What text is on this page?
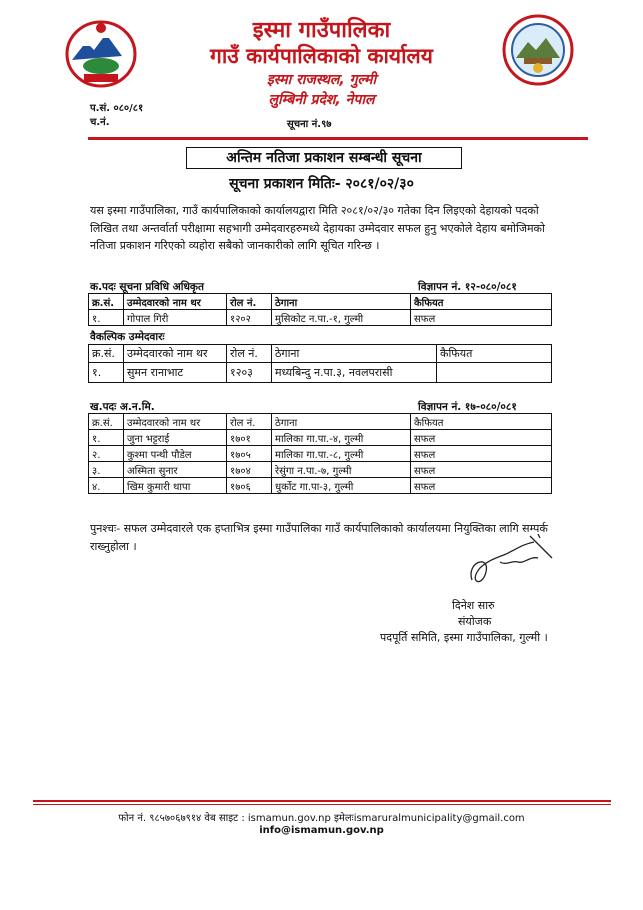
इस्मा गाउँपालिका
गाउँ कार्यपालिकाको कार्यालय
इस्मा राजस्थल, गुल्मी
लुम्बिनी प्रदेश, नेपाल
प.सं. ०८०/८१
च.नं.	सूचना नं.९७
अन्तिम नतिजा प्रकाशन सम्बन्धी सूचना
सूचना प्रकाशन मितिः- २०८१/०२/३०
यस इस्मा गाउँपालिका, गाउँ कार्यपालिकाको कार्यालयद्वारा मिति २०८१/०२/३० गतेका दिन लिइएको देहायको पदको लिखित तथा अन्तर्वार्ता परीक्षामा सहभागी उम्मेदवारहरुमध्ये देहायका उम्मेदवार सफल हुनु भएकोले देहाय बमोजिमको नतिजा प्रकाशन गरिएको व्यहोरा सबैको जानकारीको लागि सूचित गरिन्छ ।
क.पदः सूचना प्रविधि अधिकृत	विज्ञापन नं. १२-०८०/०८१
क्र.सं.	उम्मेदवारको नाम थर	रोल नं.	ठेगाना	कैफियत
१.	गोपाल गिरी	१२०२	मुसिकोट न.पा.-१, गुल्मी	सफल
वैकल्पिक उम्मेदवारः
क्र.सं.	उम्मेदवारको नाम थर	रोल नं.	ठेगाना	कैफियत
१.	सुमन रानाभाट	१२०३	मध्यबिन्दु न.पा.३, नवलपरासी	
ख.पदः अ.न.मि.	विज्ञापन नं. १७-०८०/०८१
क्र.सं.	उम्मेदवारको नाम थर	रोल नं.	ठेगाना	कैफियत
१.	जुना भट्टराई	१७०१	मालिका गा.पा.-४, गुल्मी	सफल
२.	कुश्मा पन्थी पौडेल	१७०५	मालिका गा.पा.-८, गुल्मी	सफल
३.	अस्मिता सुनार	१७०४	रेसुंगा न.पा.-७, गुल्मी	सफल
४.	खिम कुमारी थापा	१७०६	धुर्कोट गा.पा-३, गुल्मी	सफल
पुनश्चः- सफल उम्मेदवारले एक हप्ताभित्र इस्मा गाउँपालिका गाउँ कार्यपालिकाको कार्यालयमा नियुक्तिका लागि सम्पर्क राख्नुहोला ।
दिनेश सारु
संयोजक
पदपूर्ति समिति, इस्मा गाउँपालिका, गुल्मी ।
फोन नं. ९८५७०६७९१४ वेब साइट : ismamun.gov.np इमेलःismaruralmunicipality@gmail.com
info@ismamun.gov.np
